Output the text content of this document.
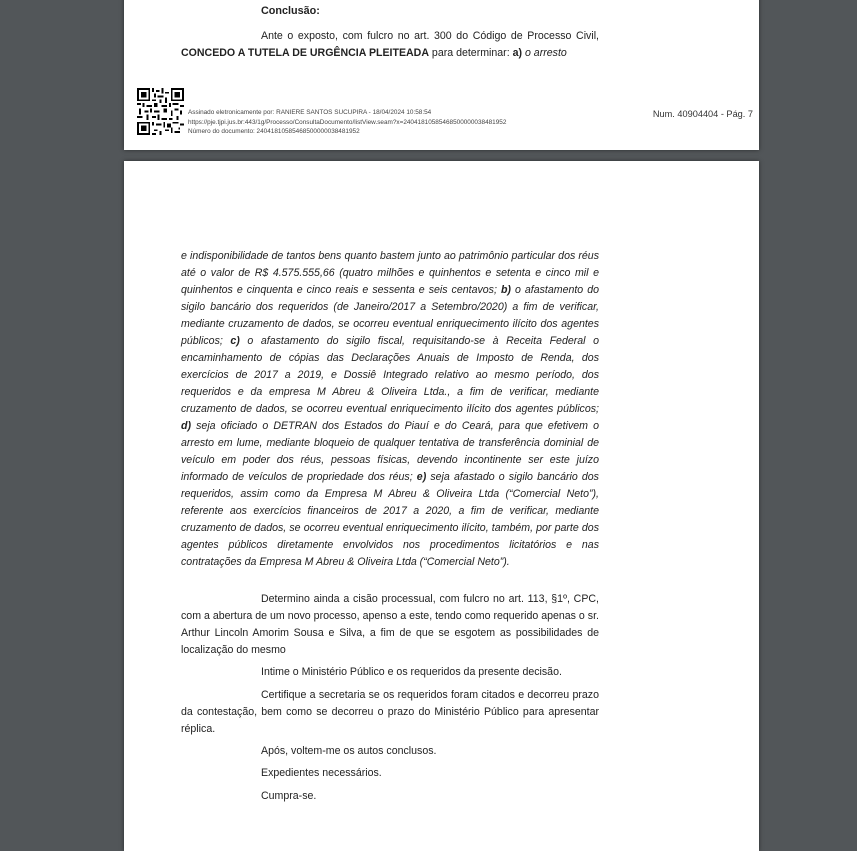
Conclusão:

Ante o exposto, com fulcro no art. 300 do Código de Processo Civil, CONCEDO A TUTELA DE URGÊNCIA PLEITEADA para determinar: a) o arresto

Assinado eletronicamente por: RANIERE SANTOS SUCUPIRA - 18/04/2024 10:58:54
https://pje.tjpi.jus.br:443/1g/Processo/ConsultaDocumento/listView.seam?x=24041810585468500000038481952
Número do documento: 24041810585468500000038481952
Num. 40904404 - Pág. 7

e indisponibilidade de tantos bens quanto bastem junto ao patrimônio particular dos réus até o valor de R$ 4.575.555,66 (quatro milhões e quinhentos e setenta e cinco mil e quinhentos e cinquenta e cinco reais e sessenta e seis centavos; b) o afastamento do sigilo bancário dos requeridos (de Janeiro/2017 a Setembro/2020) a fim de verificar, mediante cruzamento de dados, se ocorreu eventual enriquecimento ilícito dos agentes públicos; c) o afastamento do sigilo fiscal, requisitando-se à Receita Federal o encaminhamento de cópias das Declarações Anuais de Imposto de Renda, dos exercícios de 2017 a 2019, e Dossiê Integrado relativo ao mesmo período, dos requeridos e da empresa M Abreu & Oliveira Ltda., a fim de verificar, mediante cruzamento de dados, se ocorreu eventual enriquecimento ilícito dos agentes públicos; d) seja oficiado o DETRAN dos Estados do Piauí e do Ceará, para que efetivem o arresto em lume, mediante bloqueio de qualquer tentativa de transferência dominial de veículo em poder dos réus, pessoas físicas, devendo incontinente ser este juízo informado de veículos de propriedade dos réus; e) seja afastado o sigilo bancário dos requeridos, assim como da Empresa M Abreu & Oliveira Ltda (“Comercial Neto”), referente aos exercícios financeiros de 2017 a 2020, a fim de verificar, mediante cruzamento de dados, se ocorreu eventual enriquecimento ilícito, também, por parte dos agentes públicos diretamente envolvidos nos procedimentos licitatórios e nas contratações da Empresa M Abreu & Oliveira Ltda (“Comercial Neto”).

Determino ainda a cisão processual, com fulcro no art. 113, §1º, CPC, com a abertura de um novo processo, apenso a este, tendo como requerido apenas o sr. Arthur Lincoln Amorim Sousa e Silva, a fim de que se esgotem as possibilidades de localização do mesmo

Intime o Ministério Público e os requeridos da presente decisão.

Certifique a secretaria se os requeridos foram citados e decorreu prazo da contestação, bem como se decorreu o prazo do Ministério Público para apresentar réplica.

Após, voltem-me os autos conclusos.

Expedientes necessários.

Cumpra-se.
